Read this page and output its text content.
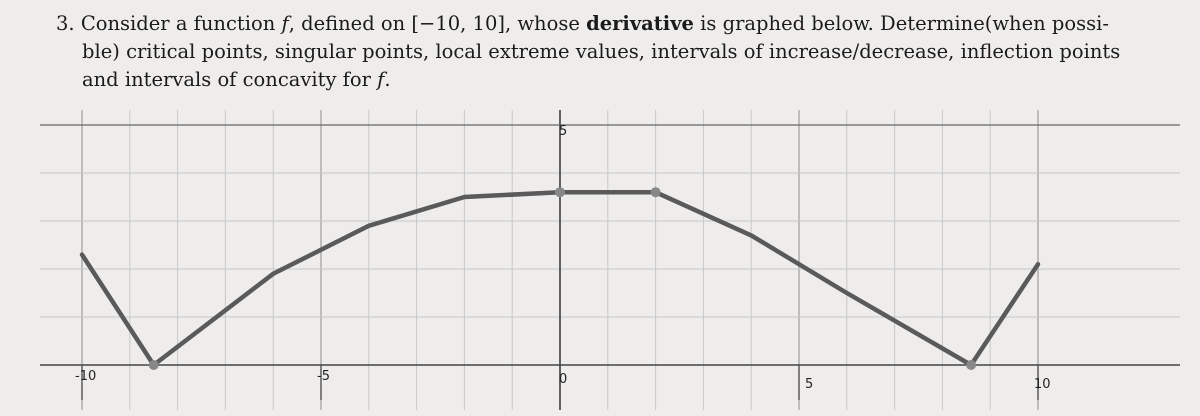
3. Consider a function f, defined on [−10, 10], whose derivative is graphed below. Determine(when possi-
ble) critical points, singular points, local extreme values, intervals of increase/decrease, inflection points
and intervals of concavity for f.
-10	-5	0	5	10
5
